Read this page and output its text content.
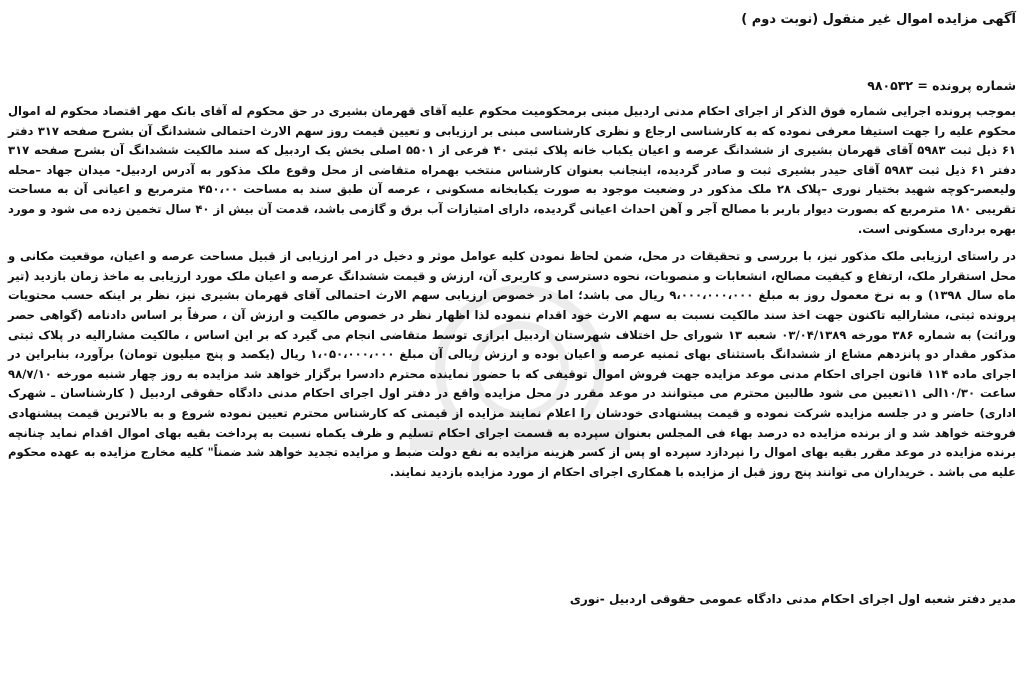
آگهی مزایده اموال غیر منقول (نوبت دوم )

شماره پرونده = ۹۸۰۵۳۲

بموجب پرونده اجرایی شماره فوق الذکر از اجرای احکام مدنی اردبیل مبنی برمحکومیت محکوم علیه آقای قهرمان بشیری در حق محکوم له آقای بانک مهر اقتصاد محکوم له اموال محکوم علیه را جهت استیفا معرفی نموده که به کارشناسی ارجاع و نظری کارشناسی مبنی بر ارزیابی و تعیین قیمت روز سهم الارث احتمالی ششدانگ آن بشرح صفحه ۳۱۷ دفتر ۶۱ ذیل ثبت ۵۹۸۳ آقای قهرمان بشیری از ششدانگ عرصه و اعیان یکباب خانه پلاک ثبتی ۴۰ فرعی از ۵۵۰۱ اصلی بخش یک اردبیل که سند مالکیت ششدانگ آن بشرح صفحه ۳۱۷ دفتر ۶۱ ذیل ثبت ۵۹۸۳ آقای حیدر بشیری ثبت و صادر گردیده، اینجانب بعنوان کارشناس منتخب بهمراه متقاضی از محل وقوع ملک مذکور به آدرس اردبیل- میدان جهاد –محله ولیعصر-کوچه شهید بختیار نوری –پلاک ۲۸ ملک مذکور در وضعیت موجود به صورت یکبابخانه مسکونی ، عرصه آن طبق سند به مساحت ۴۵۰،۰۰ مترمربع و اعیانی آن به مساحت تقریبی ۱۸۰ مترمربع که بصورت دیوار باربر با مصالح آجر و آهن احداث اعیانی گردیده، دارای امتیازات آب برق و گازمی باشد، قدمت آن بیش از ۴۰ سال تخمین زده می شود و مورد بهره برداری مسکونی است.

در راستای ارزیابی ملک مذکور نیز، با بررسی و تحقیقات در محل، ضمن لحاظ نمودن کلیه عوامل موثر و دخیل در امر ارزیابی از قبیل مساحت عرصه و اعیان، موقعیت مکانی و محل استقرار ملک، ارتفاع و کیفیت مصالح، انشعابات و منصوبات، نحوه دسترسی و کاربری آن، ارزش و قیمت ششدانگ عرصه و اعیان ملک مورد ارزیابی به ماخذ زمان بازدید (تیر ماه سال ۱۳۹۸) و به نرخ معمول روز به مبلغ ۹،۰۰۰،۰۰۰،۰۰۰ ریال می باشد؛ اما در خصوص ارزیابی سهم الارث احتمالی آقای قهرمان بشیری نیز، نظر بر اینکه حسب محتویات پرونده ثبتی، مشارالیه تاکنون جهت اخذ سند مالکیت نسبت به سهم الارث خود اقدام ننموده لذا اظهار نظر در خصوص مالکیت و ارزش آن ، صرفاً بر اساس دادنامه (گواهی حصر وراثت) به شماره ۳۸۶ مورخه ۰۳/۰۴/۱۳۸۹ شعبه ۱۳ شورای حل اختلاف شهرستان اردبیل ابرازی توسط متقاضی انجام می گیرد که بر این اساس ، مالکیت مشارالیه در پلاک ثبتی مذکور مقدار دو پانزدهم مشاع از ششدانگ باستثنای بهای ثمنیه عرصه و اعیان بوده و ارزش ریالی آن مبلغ ۱،۰۵۰،۰۰۰،۰۰۰ ریال (یکصد و پنج میلیون تومان) برآورد، بنابراین در اجرای ماده ۱۱۴ قانون اجرای احکام مدنی موعد مزایده جهت فروش اموال توقیفی که با حضور نماینده محترم دادسرا برگزار خواهد شد مزایده به روز چهار شنبه مورخه ۹۸/۷/۱۰ ساعت ۱۰/۳۰الی ۱۱تعیین می شود طالبین محترم می میتوانند در موعد مقرر در محل مزایده واقع در دفتر اول اجرای احکام مدنی دادگاه حقوقی اردبیل ( کارشناسان ـ شهرک اداری) حاضر و در جلسه مزایده شرکت نموده و قیمت پیشنهادی خودشان را اعلام نمایند مزایده از قیمتی که کارشناس محترم تعیین نموده شروع و به بالاترین قیمت پیشنهادی فروخته خواهد شد و از برنده مزایده ده درصد بهاء فی المجلس بعنوان سپرده به قسمت اجرای احکام تسلیم و ظرف یکماه نسبت به پرداخت بقیه بهای اموال اقدام نماید چنانچه برنده مزایده در موعد مقرر بقیه بهای اموال را نپردازد سپرده او پس از کسر هزینه مزایده به نفع دولت ضبط و مزایده تجدید خواهد شد ضمناً" کلیه مخارج مزایده به عهده محکوم علیه می باشد . خریداران می توانند پنج روز قبل از مزایده با همکاری اجرای احکام از مورد مزایده بازدید نمایند.

مدیر دفتر شعبه اول اجرای احکام مدنی دادگاه عمومی حقوقی اردبیل -نوری
